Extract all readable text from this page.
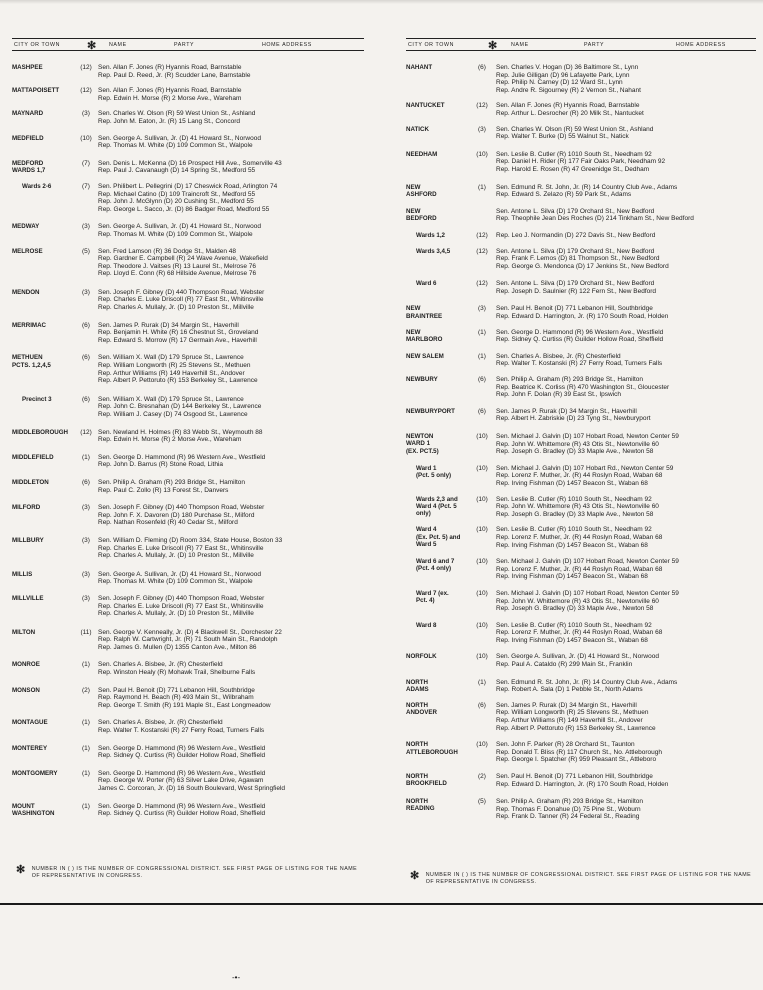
CITY OR TOWN ✻ NAME	PARTY	HOME ADDRESS
MASHPEE	(12) Sen. Allan F. Jones (R) Hyannis Road, Barnstable
Rep. Paul D. Reed, Jr. (R) Scudder Lane, Barnstable
MATTAPOISETT	(12) Sen. Allan F. Jones (R) Hyannis Road, Barnstable
Rep. Edwin H. Morse (R) 2 Morse Ave., Wareham
MAYNARD	(3)	Sen. Charles W. Olson (R) 59 West Union St., Ashland
Rep. John M. Eaton, Jr. (R) 15 Lang St., Concord
MEDFIELD	(10) Sen. George A. Sullivan, Jr. (D) 41 Howard St., Norwood
Rep. Thomas M. White (D) 109 Common St., Walpole
MEDFORD
WARDS 1,7
(7)	Sen. Denis L. McKenna (D) 16 Prospect Hill Ave., Somerville 43
Rep. Paul J. Cavanaugh (D) 14 Spring St., Medford 55
Wards 2-6	(7)	Sen. Philibert L. Pellegrini (D) 17 Cheswick Road, Arlington 74
Rep. Michael Catino (D) 109 Traincroft St., Medford 55
Rep. John J. McGlynn (D) 20 Cushing St., Medford 55
Rep. George L. Sacco, Jr. (D) 86 Badger Road, Medford 55
MEDWAY	(3)	Sen. George A. Sullivan, Jr. (D) 41 Howard St., Norwood
Rep. Thomas M. White (D) 109 Common St., Walpole
MELROSE	(5)	Sen. Fred Lamson (R) 36 Dodge St., Malden 48
Rep. Gardner E. Campbell (R) 24 Wave Avenue, Wakefield
Rep. Theodore J. Vaitses (R) 13 Laurel St., Melrose 76
Rep. Lloyd E. Conn (R) 68 Hillside Avenue, Melrose 76
MENDON	(3)	Sen. Joseph F. Gibney (D) 440 Thompson Road, Webster
Rep. Charles E. Luke Driscoll (R) 77 East St., Whitinsville
Rep. Charles A. Mullaly, Jr. (D) 10 Preston St., Millville
MERRIMAC	(6)	Sen. James P. Rurak (D) 34 Margin St., Haverhill
Rep. Benjamin H. White (R) 16 Chestnut St., Groveland
Rep. Edward S. Morrow (R) 17 Germain Ave., Haverhill
METHUEN
PCTS. 1,2,4,5
(6)	Sen. William X. Wall (D) 179 Spruce St., Lawrence
Rep. William Longworth (R) 25 Stevens St., Methuen
Rep. Arthur Williams (R) 149 Haverhill St., Andover
Rep. Albert P. Pettoruto (R) 153 Berkeley St., Lawrence
Precinct 3	(6)	Sen. William X. Wall (D) 179 Spruce St., Lawrence
Rep. John C. Bresnahan (D) 144 Berkeley St., Lawrence
Rep. William J. Casey (D) 74 Osgood St., Lawrence
MIDDLEBOROUGH	(12) Sen. Newland H. Holmes (R) 83 Webb St., Weymouth 88
Rep. Edwin H. Morse (R) 2 Morse Ave., Wareham
MIDDLEFIELD	(1)	Sen. George D. Hammond (R) 96 Western Ave., Westfield
Rep. John D. Barrus (R) Stone Road, Lithia
MIDDLETON	(6)	Sen. Philip A. Graham (R) 293 Bridge St., Hamilton
Rep. Paul C. Zollo (R) 13 Forest St., Danvers
MILFORD	(3)	Sen. Joseph F. Gibney (D) 440 Thompson Road, Webster
Rep. John F. X. Davoren (D) 180 Purchase St., Milford
Rep. Nathan Rosenfeld (R) 40 Cedar St., Milford
MILLBURY	(3)	Sen. William D. Fleming (D) Room 334, State House, Boston 33
Rep. Charles E. Luke Driscoll (R) 77 East St., Whitinsville
Rep. Charles A. Mullaly, Jr. (D) 10 Preston St., Millville
MILLIS	(3)	Sen. George A. Sullivan, Jr. (D) 41 Howard St., Norwood
Rep. Thomas M. White (D) 109 Common St., Walpole
MILLVILLE	(3)	Sen. Joseph F. Gibney (D) 440 Thompson Road, Webster
Rep. Charles E. Luke Driscoll (R) 77 East St., Whitinsville
Rep. Charles A. Mullaly, Jr. (D) 10 Preston St., Millville
MILTON	(11) Sen. George V. Kenneally, Jr. (D) 4 Blackwell St., Dorchester 22
Rep. Ralph W. Cartwright, Jr. (R) 71 South Main St., Randolph
Rep. James G. Mullen (D) 1355 Canton Ave., Milton 86
MONROE	(1)	Sen. Charles A. Bisbee, Jr. (R) Chesterfield
Rep. Winston Healy (R) Mohawk Trail, Shelburne Falls
MONSON	(2)	Sen. Paul H. Benoit (D) 771 Lebanon Hill, Southbridge
Rep. Raymond H. Beach (R) 493 Main St., Wilbraham
Rep. George T. Smith (R) 191 Maple St., East Longmeadow
MONTAGUE	(1)	Sen. Charles A. Bisbee, Jr. (R) Chesterfield
Rep. Walter T. Kostanski (R) 27 Ferry Road, Turners Falls
MONTEREY	(1)	Sen. George D. Hammond (R) 96 Western Ave., Westfield
Rep. Sidney Q. Curtiss (R) Guilder Hollow Road, Sheffield
MONTGOMERY	(1)	Sen. George D. Hammond (R) 96 Western Ave., Westfield
Rep. George W. Porter (R) 63 Silver Lake Drive, Agawam
James C. Corcoran, Jr. (D) 16 South Boulevard, West Springfield
MOUNT
WASHINGTON
(1)	Sen. George D. Hammond (R) 96 Western Ave., Westfield
Rep. Sidney Q. Curtiss (R) Guilder Hollow Road, Sheffield
CITY OR TOWN	✻	NAME	PARTY	HOME ADDRESS
NAHANT	(6)	Sen. Charles V. Hogan (D) 36 Baltimore St., Lynn
Rep. Julie Gilligan (D) 96 Lafayette Park, Lynn
Rep. Philip N. Carney (D) 12 Ward St., Lynn
Rep. Andre R. Sigourney (R) 2 Vernon St., Nahant
NANTUCKET	(12)	Sen. Allan F. Jones (R) Hyannis Road, Barnstable
Rep. Arthur L. Desrocher (R) 20 Milk St., Nantucket
NATICK	(3)	Sen. Charles W. Olson (R) 59 West Union St., Ashland
Rep. Walter T. Burke (D) 55 Walnut St., Natick
NEEDHAM	(10)	Sen. Leslie B. Cutler (R) 1010 South St., Needham 92
Rep. Daniel H. Rider (R) 177 Fair Oaks Park, Needham 92
Rep. Harold E. Rosen (R) 47 Greenidge St., Dedham
NEW
ASHFORD
(1)	Sen. Edmund R. St. John, Jr. (R) 14 Country Club Ave., Adams
Rep. Edward S. Zelazo (R) 59 Park St., Adams
NEW
BEDFORD
Sen. Antone L. Silva (D) 179 Orchard St., New Bedford
Rep. Theophile Jean Des Roches (D) 214 Tinkham St., New Bedford
Wards 1,2	(12)	Rep. Leo J. Normandin (D) 272 Davis St., New Bedford
Wards 3,4,5	(12)	Sen. Antone L. Silva (D) 179 Orchard St., New Bedford
Rep. Frank F. Lemos (D) 81 Thompson St., New Bedford
Rep. George G. Mendonca (D) 17 Jenkins St., New Bedford
Ward 6	(12)	Sen. Antone L. Silva (D) 179 Orchard St., New Bedford
Rep. Joseph D. Saulnier (R) 122 Fern St., New Bedford
NEW
BRAINTREE
(3)	Sen. Paul H. Benoit (D) 771 Lebanon Hill, Southbridge
Rep. Edward D. Harrington, Jr. (R) 170 South Road, Holden
NEW
MARLBORO
(1)	Sen. George D. Hammond (R) 96 Western Ave., Westfield
Rep. Sidney Q. Curtiss (R) Guilder Hollow Road, Sheffield
NEW SALEM	(1)	Sen. Charles A. Bisbee, Jr. (R) Chesterfield
Rep. Walter T. Kostanski (R) 27 Ferry Road, Turners Falls
NEWBURY	(6)	Sen. Philip A. Graham (R) 293 Bridge St., Hamilton
Rep. Beatrice K. Corliss (R) 470 Washington St., Gloucester
Rep. John F. Dolan (R) 39 East St., Ipswich
NEWBURYPORT	(6)	Sen. James P. Rurak (D) 34 Margin St., Haverhill
Rep. Albert H. Zabriskie (D) 23 Tyng St., Newburyport
NEWTON
WARD 1
(EX. PCT.5)
(10)	Sen. Michael J. Galvin (D) 107 Hobart Road, Newton Center 59
Rep. John W. Whittemore (R) 43 Otis St., Newtonville 60
Rep. Joseph G. Bradley (D) 33 Maple Ave., Newton 58
Ward 1
(Pct. 5 only)
(10)	Sen. Michael J. Galvin (D) 107 Hobart Rd., Newton Center 59
Rep. Lorenz F. Muther, Jr. (R) 44 Roslyn Road, Waban 68
Rep. Irving Fishman (D) 1457 Beacon St., Waban 68
Wards 2,3 and
Ward 4 (Pct. 5
only)
(10)	Sen. Leslie B. Cutler (R) 1010 South St., Needham 92
Rep. John W. Whittemore (R) 43 Otis St., Newtonville 60
Rep. Joseph G. Bradley (D) 33 Maple Ave., Newton 58
Ward 4
(Ex. Pct. 5) and
Ward 5
(10)	Sen. Leslie B. Cutler (R) 1010 South St., Needham 92
Rep. Lorenz F. Muther, Jr. (R) 44 Roslyn Road, Waban 68
Rep. Irving Fishman (D) 1457 Beacon St., Waban 68
Ward 6 and 7
(Pct. 4 only)
(10)	Sen. Michael J. Galvin (D) 107 Hobart Road, Newton Center 59
Rep. Lorenz F. Muther, Jr. (R) 44 Roslyn Road, Waban 68
Rep. Irving Fishman (D) 1457 Beacon St., Waban 68
Ward 7 (ex.
Pct. 4)
(10)	Sen. Michael J. Galvin (D) 107 Hobart Road, Newton Center 59
Rep. John W. Whittemore (R) 43 Otis St., Newtonville 60
Rep. Joseph G. Bradley (D) 33 Maple Ave., Newton 58
Ward 8	(10)	Sen. Leslie B. Cutler (R) 1010 South St., Needham 92
Rep. Lorenz F. Muther, Jr. (R) 44 Roslyn Road, Waban 68
Rep. Irving Fishman (D) 1457 Beacon St., Waban 68
NORFOLK	(10)	Sen. George A. Sullivan, Jr. (D) 41 Howard St., Norwood
Rep. Paul A. Cataldo (R) 299 Main St., Franklin
NORTH
ADAMS
(1)	Sen. Edmund R. St. John, Jr. (R) 14 Country Club Ave., Adams
Rep. Robert A. Sala (D) 1 Pebble St., North Adams
NORTH
ANDOVER
(6)	Sen. James P. Rurak (D) 34 Margin St., Haverhill
Rep. William Longworth (R) 25 Stevens St., Methuen
Rep. Arthur Williams (R) 149 Haverhill St., Andover
Rep. Albert P. Pettoruto (R) 153 Berkeley St., Lawrence
NORTH
ATTLEBOROUGH
(10)	Sen. John F. Parker (R) 28 Orchard St., Taunton
Rep. Donald T. Bliss (R) 117 Church St., No. Attleborough
Rep. George I. Spatcher (R) 959 Pleasant St., Attleboro
NORTH
BROOKFIELD
(2)	Sen. Paul H. Benoit (D) 771 Lebanon Hill, Southbridge
Rep. Edward D. Harrington, Jr. (R) 170 South Road, Holden
NORTH
READING
(5)	Sen. Philip A. Graham (R) 293 Bridge St., Hamilton
Rep. Thomas F. Donahue (D) 75 Pine St., Woburn
Rep. Frank D. Tanner (R) 24 Federal St., Reading
✻ NUMBER IN ( ) IS THE NUMBER OF CONGRESSIONAL DISTRICT. SEE FIRST PAGE OF LISTING FOR THE NAME OF REPRESENTATIVE IN CONGRESS.	✻ NUMBER IN ( ) IS THE NUMBER OF CONGRESSIONAL DISTRICT. SEE FIRST PAGE OF LISTING FOR THE NAME OF REPRESENTATIVE IN CONGRESS.
-•-
